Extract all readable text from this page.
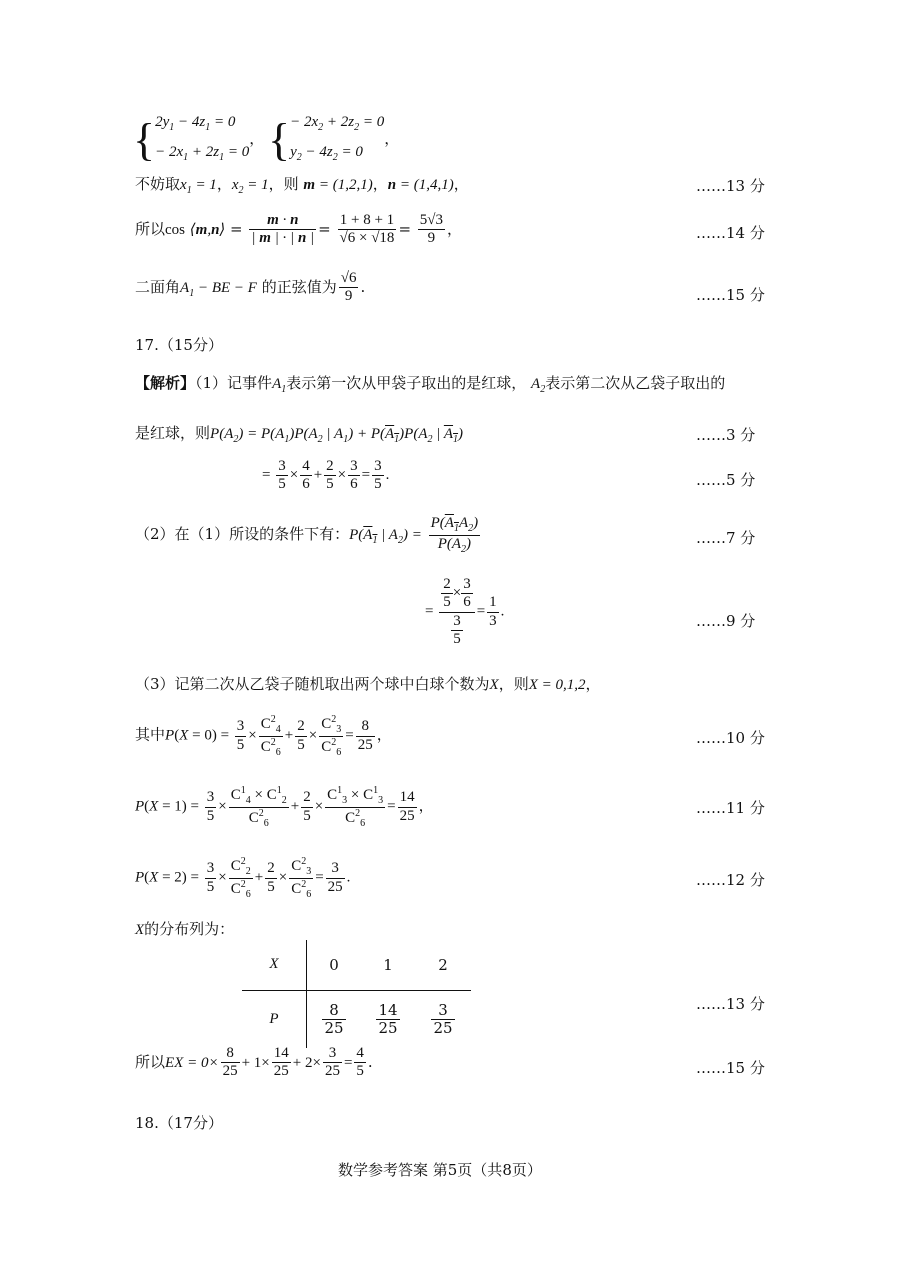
{$2y_1 - 4z_1 = 0$
− $2x_1 + 2z_1 = 0$， {− $2x_2 + 2z_2 = 0$
$y_2 - 4z_2 = 0$，
不妨取$x_1 = 1$，$x_2 = 1$，则 m = (1,2,1)，n = (1,4,1)，	……13 分
所以cos ⟨m,n⟩ = $\frac{m \cdot n}{| m | \cdot | n |} = \frac{1 + 8 + 1}{√6 \times √18} = \frac{5√3}{9}$ ，	……14 分
二面角$A_1$ − BE − F 的正弦值为 $\frac{√6}{9}$ .	……15 分
17.（15分）
【解析】（1）记事件$A_1$表示第一次从甲袋子取出的是红球， $A_2$表示第二次从乙袋子取出的
是红球，则$P(A_2) = P(A_1)P(A_2$ | $A_1) + P(A_1)P(A_2$ | $A_1$)	……3 分
= $\frac{3}{5} \times \frac{4}{6} + \frac{2}{5} \times \frac{3}{6} = \frac{3}{5}$ .	……5 分
（2）在（1）所设的条件下有：$P(A_1$ | $A_2) = \frac{P(A_1A_2)}{P(A_2)}$	……7 分
= $\frac{\frac{2}{5} \times \frac{3}{6}}{\frac{3}{5}} = \frac{1}{3}$ .
……9 分
（3）记第二次从乙袋子随机取出两个球中白球个数为X，则X = 0,1,2，
其中$P(X = 0) = \frac{3}{5} \times \frac{C^2_4}{C^2_6} + \frac{2}{5} \times \frac{C^2_3}{C^2_6} = \frac{8}{25}$ ，	……10 分
$P(X = 1) = \frac{3}{5} \times \frac{C^1_4 \times C^1_2}{C^2_6} + \frac{2}{5} \times \frac{C^1_3 \times C^1_3}{C^2_6} = \frac{14}{25}$ ，	……11 分
$P(X = 2) = \frac{3}{5} \times \frac{C^2_2}{C^2_6} + \frac{2}{5} \times \frac{C^2_3}{C^2_6} = \frac{3}{25}$ .	……12 分
X的分布列为：
X	0	1	2
P	$\frac{8}{25}$	$\frac{14}{25}$	$\frac{3}{25}$	……13 分
所以EX = $0\times \frac{8}{25} + 1\times \frac{14}{25} + 2\times \frac{3}{25} = \frac{4}{5}$ .	……15 分
18.（17分）
数学参考答案 第5页（共8页）
